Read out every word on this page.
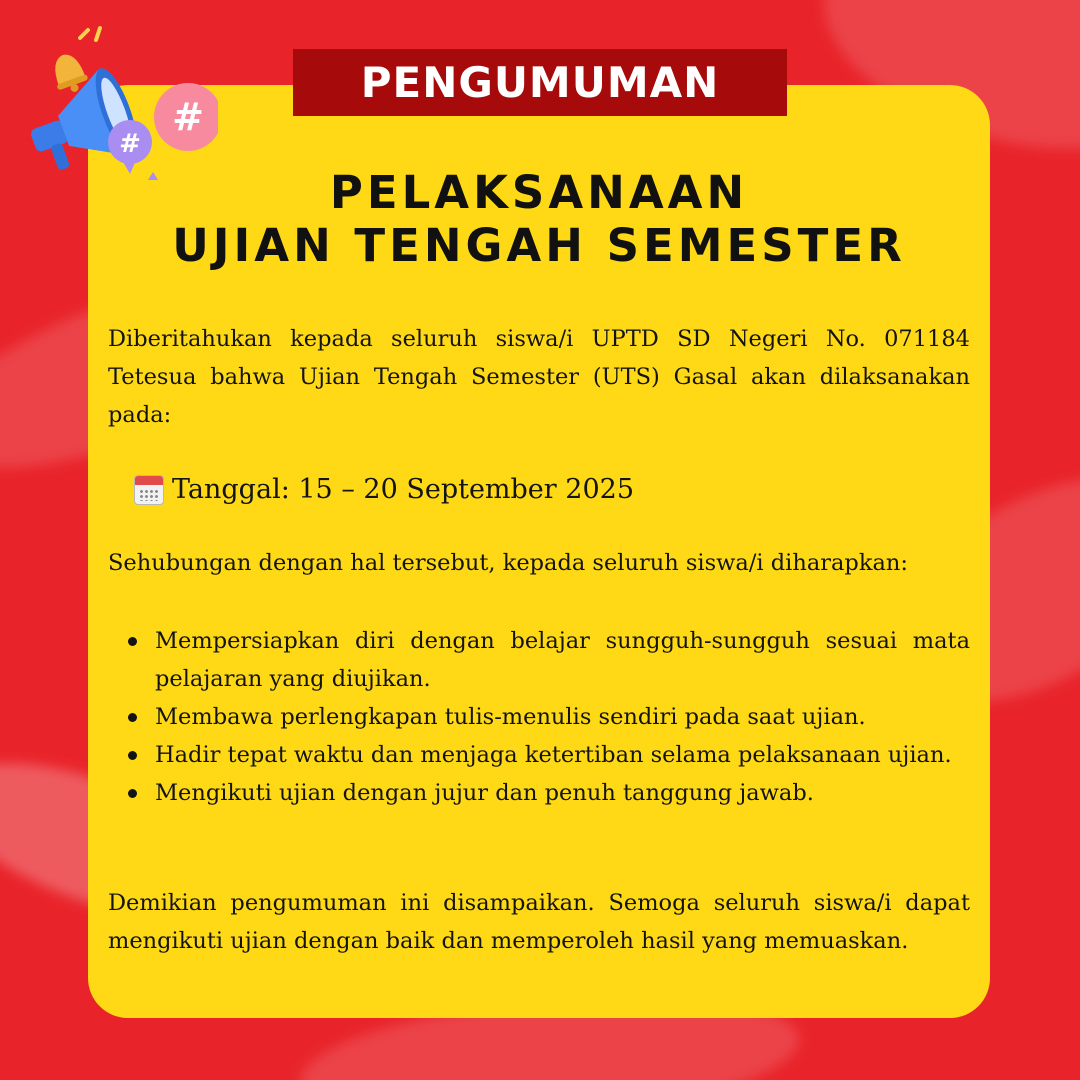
#
#
PENGUMUMAN
PELAKSANAAN
UJIAN TENGAH SEMESTER

Diberitahukan kepada seluruh siswa/i UPTD SD Negeri No. 071184 Tetesua bahwa Ujian Tengah Semester (UTS) Gasal akan dilaksanakan pada:

Tanggal: 15 – 20 September 2025

Sehubungan dengan hal tersebut, kepada seluruh siswa/i diharapkan:

Mempersiapkan diri dengan belajar sungguh-sungguh sesuai mata pelajaran yang diujikan.
Membawa perlengkapan tulis-menulis sendiri pada saat ujian.
Hadir tepat waktu dan menjaga ketertiban selama pelaksanaan ujian.
Mengikuti ujian dengan jujur dan penuh tanggung jawab.

Demikian pengumuman ini disampaikan. Semoga seluruh siswa/i dapat mengikuti ujian dengan baik dan memperoleh hasil yang memuaskan.
